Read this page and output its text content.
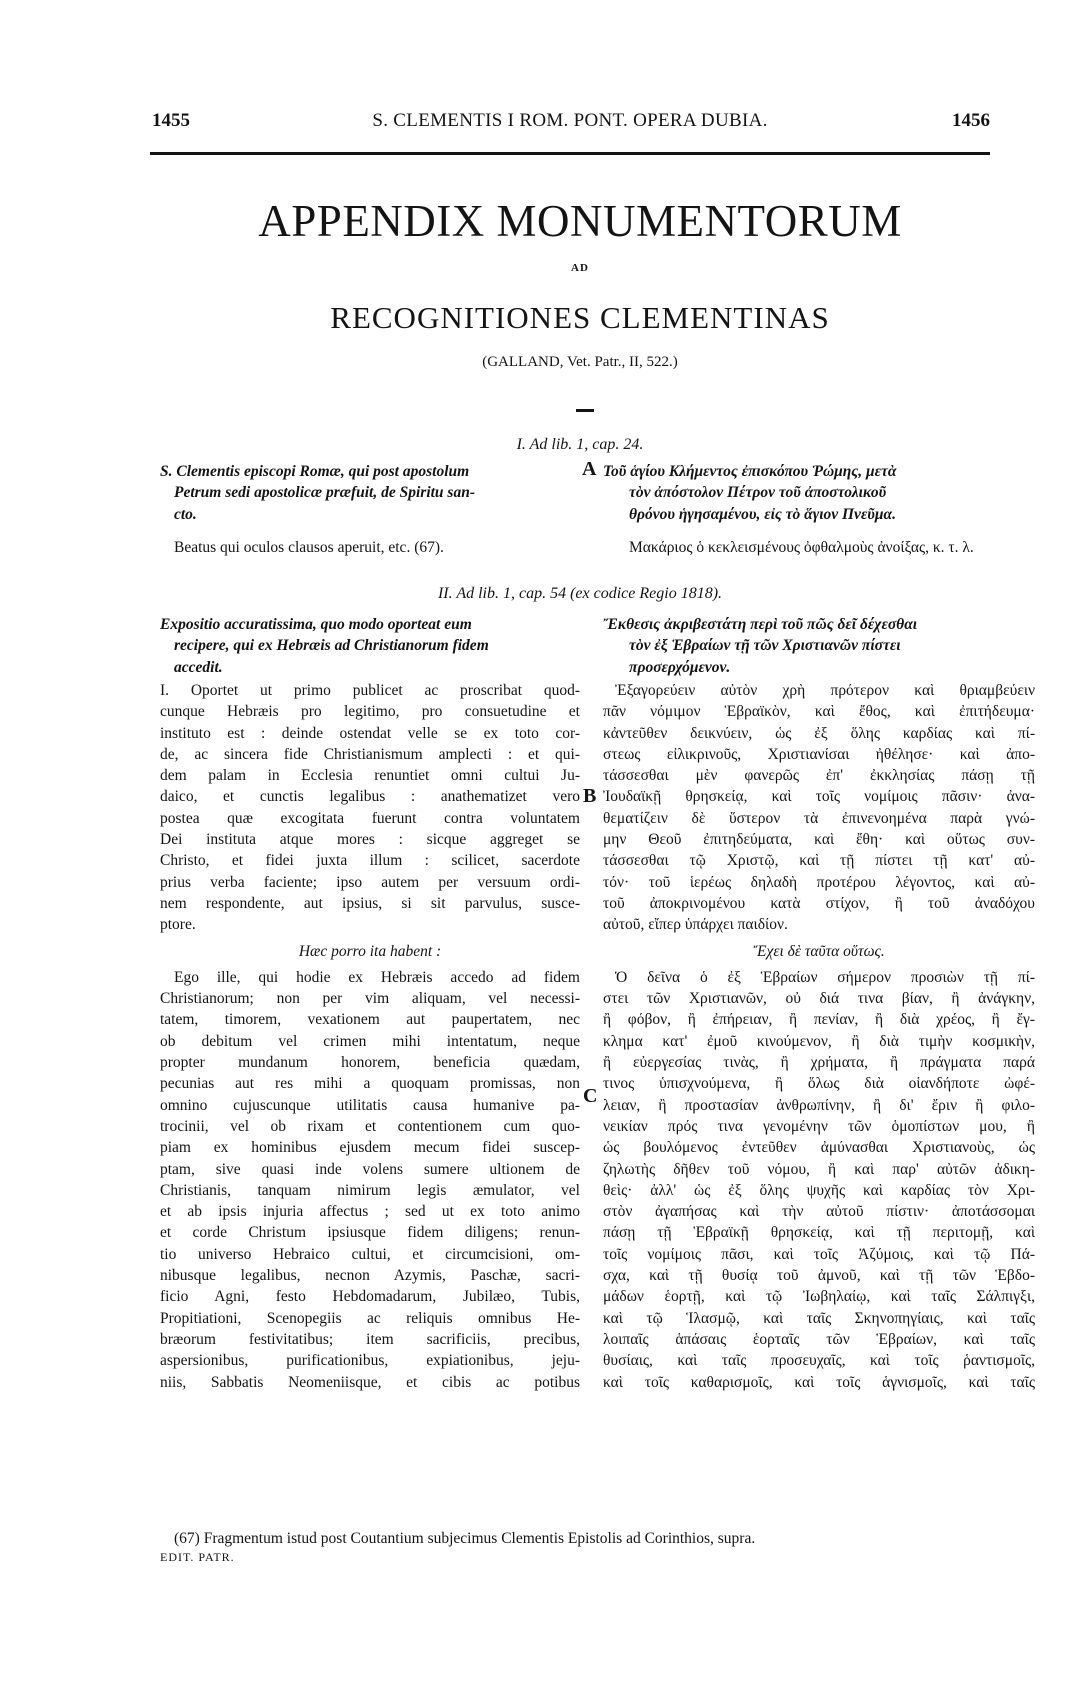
1455	S. CLEMENTIS I ROM. PONT. OPERA DUBIA.	1456
APPENDIX MONUMENTORUM
AD
RECOGNITIONES CLEMENTINAS
(GALLAND, Vet. Patr., II, 522.)
I. Ad lib. 1, cap. 24.
S. Clementis episcopi Romæ, qui post apostolum
Petrum sedi apostolicæ præfuit, de Spiritu san-
cto.
A Τοῦ ἁγίου Κλήμεντος ἐπισκόπου Ῥώμης, μετὰ
τὸν ἀπόστολον Πέτρον τοῦ ἀποστολικοῦ
θρόνου ἡγησαμένου, εἰς τὸ ἅγιον Πνεῦμα.
Beatus qui oculos clausos aperuit, etc. (67).	Μακάριος ὁ κεκλεισμένους ὀφθαλμοὺς ἀνοίξας, κ. τ. λ.
II. Ad lib. 1, cap. 54 (ex codice Regio 1818).
Expositio accuratissima, quo modo oporteat eum
recipere, qui ex Hebræis ad Christianorum fidem
accedit.
Ἔκθεσις ἀκριβεστάτη περὶ τοῦ πῶς δεῖ δέχεσθαι
τὸν ἐξ Ἑβραίων τῇ τῶν Χριστιανῶν πίστει
προσερχόμενον.
I. Oportet ut primo publicet ac proscribat quod-
cunque Hebræis pro legitimo, pro consuetudine et
instituto est : deinde ostendat velle se ex toto cor-
de, ac sincera fide Christianismum amplecti : et qui-
dem palam in Ecclesia renuntiet omni cultui Ju-
daico, et cunctis legalibus : anathematizet vero
postea quæ excogitata fuerunt contra voluntatem
Dei instituta atque mores : sicque aggreget se
Christo, et fidei juxta illum : scilicet, sacerdote
prius verba faciente; ipso autem per versuum ordi-
nem respondente, aut ipsius, si sit parvulus, susce-
ptore.
Hæc porro ita habent :
Ego ille, qui hodie ex Hebræis accedo ad fidem
Christianorum; non per vim aliquam, vel necessi-
tatem, timorem, vexationem aut paupertatem, nec
ob debitum vel crimen mihi intentatum, neque
propter mundanum honorem, beneficia quædam,
pecunias aut res mihi a quoquam promissas, non
omnino cujuscunque utilitatis causa humanive pa-
trocinii, vel ob rixam et contentionem cum quo-
piam ex hominibus ejusdem mecum fidei suscep-
ptam, sive quasi inde volens sumere ultionem de
Christianis, tanquam nimirum legis æmulator, vel
et ab ipsis injuria affectus ; sed ut ex toto animo
et corde Christum ipsiusque fidem diligens; renun-
tio universo Hebraico cultui, et circumcisioni, om-
nibusque legalibus, necnon Azymis, Paschæ, sacri-
ficio Agni, festo Hebdomadarum, Jubilæo, Tubis,
Propitiationi, Scenopegiis ac reliquis omnibus He-
bræorum festivitatibus; item sacrificiis, precibus,
aspersionibus, purificationibus, expiationibus, jeju-
niis, Sabbatis Neomeniisque, et cibis ac potibus
B
C
Ἐξαγορεύειν αὐτὸν χρὴ πρότερον καὶ θριαμβεύειν
πᾶν νόμιμον Ἑβραϊκὸν, καὶ ἔθος, καὶ ἐπιτήδευμα·
κἀντεῦθεν δεικνύειν, ὡς ἐξ ὅλης καρδίας καὶ πί-
στεως εἰλικρινοῦς, Χριστιανίσαι ἠθέλησε· καὶ ἀπο-
τάσσεσθαι μὲν φανερῶς ἐπ' ἐκκλησίας πάσῃ τῇ
Ἰουδαϊκῇ θρησκείᾳ, καὶ τοῖς νομίμοις πᾶσιν· ἀνα-
θεματίζειν δὲ ὕστερον τὰ ἐπινενοημένα παρὰ γνώ-
μην Θεοῦ ἐπιτηδεύματα, καὶ ἔθη· καὶ οὕτως συν-
τάσσεσθαι τῷ Χριστῷ, καὶ τῇ πίστει τῇ κατ' αὐ-
τόν· τοῦ ἱερέως δηλαδὴ προτέρου λέγοντος, καὶ αὐ-
τοῦ ἀποκρινομένου κατὰ στίχον, ἢ τοῦ ἀναδόχου
αὐτοῦ, εἴπερ ὑπάρχει παιδίον.
Ἔχει δὲ ταῦτα οὕτως.
Ὁ δεῖνα ὁ ἐξ Ἑβραίων σήμερον προσιὼν τῇ πί-
στει τῶν Χριστιανῶν, οὐ διά τινα βίαν, ἢ ἀνάγκην,
ἢ φόβον, ἢ ἐπήρειαν, ἢ πενίαν, ἢ διὰ χρέος, ἢ ἔγ-
κλημα κατ' ἐμοῦ κινούμενον, ἢ διὰ τιμὴν κοσμικὴν,
ἢ εὐεργεσίας τινὰς, ἢ χρήματα, ἢ πράγματα παρά
τινος ὑπισχνούμενα, ἢ ὅλως διὰ οἱανδήποτε ὠφέ-
λειαν, ἢ προστασίαν ἀνθρωπίνην, ἢ δι' ἔριν ἢ φιλο-
νεικίαν πρός τινα γενομένην τῶν ὁμοπίστων μου, ἢ
ὡς βουλόμενος ἐντεῦθεν ἀμύνασθαι Χριστιανοὺς, ὡς
ζηλωτὴς δῆθεν τοῦ νόμου, ἢ καὶ παρ' αὐτῶν ἀδικη-
θεὶς· ἀλλ' ὡς ἐξ ὅλης ψυχῆς καὶ καρδίας τὸν Χρι-
στὸν ἀγαπήσας καὶ τὴν αὐτοῦ πίστιν· ἀποτάσσομαι
πάσῃ τῇ Ἑβραϊκῇ θρησκείᾳ, καὶ τῇ περιτομῇ, καὶ
τοῖς νομίμοις πᾶσι, καὶ τοῖς Ἀζύμοις, καὶ τῷ Πά-
σχα, καὶ τῇ θυσίᾳ τοῦ ἀμνοῦ, καὶ τῇ τῶν Ἑβδο-
μάδων ἑορτῇ, καὶ τῷ Ἰωβηλαίῳ, καὶ ταῖς Σάλπιγξι,
καὶ τῷ Ἱλασμῷ, καὶ ταῖς Σκηνοπηγίαις, καὶ ταῖς
λοιπαῖς ἁπάσαις ἑορταῖς τῶν Ἑβραίων, καὶ ταῖς
θυσίαις, καὶ ταῖς προσευχαῖς, καὶ τοῖς ῥαντισμοῖς,
καὶ τοῖς καθαρισμοῖς, καὶ τοῖς ἁγνισμοῖς, καὶ ταῖς
(67) Fragmentum istud post Coutantium subjecimus Clementis Epistolis ad Corinthios, supra.
EDIT. PATR.
